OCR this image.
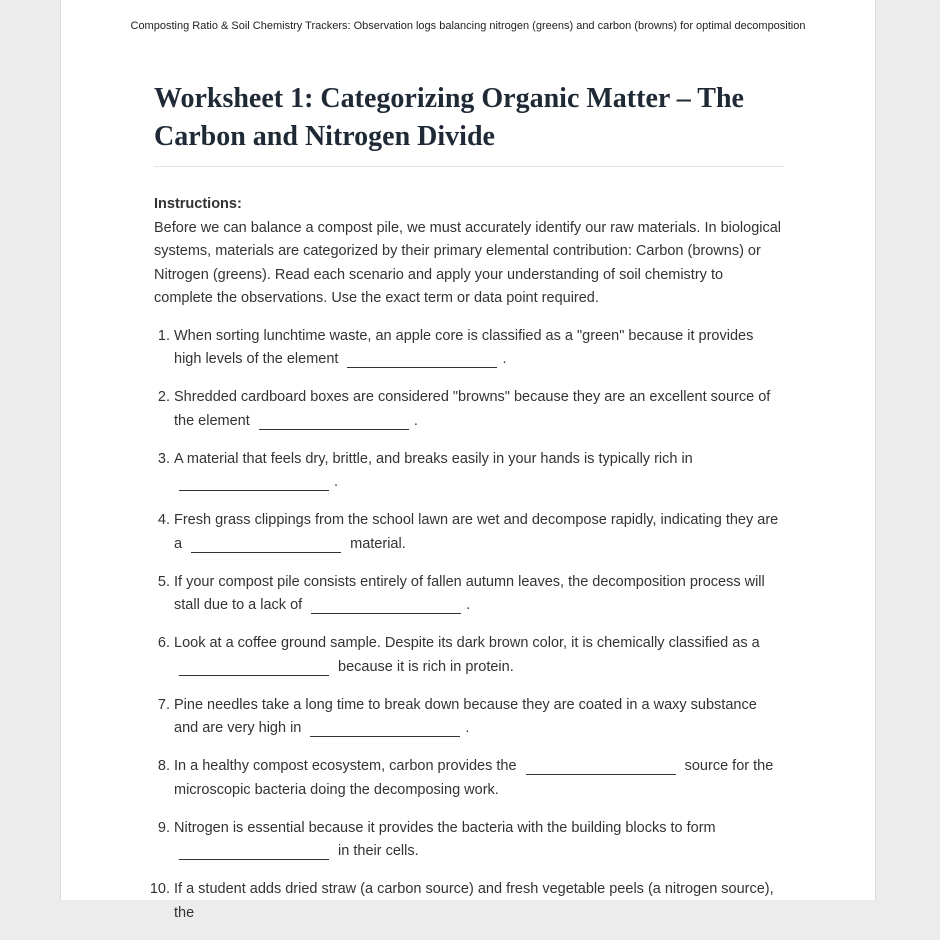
Composting Ratio & Soil Chemistry Trackers: Observation logs balancing nitrogen (greens) and carbon (browns) for optimal decomposition
Worksheet 1: Categorizing Organic Matter – The Carbon and Nitrogen Divide
Instructions:
Before we can balance a compost pile, we must accurately identify our raw materials. In biological systems, materials are categorized by their primary elemental contribution: Carbon (browns) or Nitrogen (greens). Read each scenario and apply your understanding of soil chemistry to complete the observations. Use the exact term or data point required.
1. When sorting lunchtime waste, an apple core is classified as a "green" because it provides high levels of the element	.
2. Shredded cardboard boxes are considered "browns" because they are an excellent source of the element	.
3. A material that feels dry, brittle, and breaks easily in your hands is typically rich in .
4. Fresh grass clippings from the school lawn are wet and decompose rapidly, indicating they are a	material.
5. If your compost pile consists entirely of fallen autumn leaves, the decomposition process will stall due to a lack of	.
6. Look at a coffee ground sample. Despite its dark brown color, it is chemically classified as a  because it is rich in protein.
7. Pine needles take a long time to break down because they are coated in a waxy substance and are very high in	.
8. In a healthy compost ecosystem, carbon provides the	source for the microscopic bacteria doing the decomposing work.
9. Nitrogen is essential because it provides the bacteria with the building blocks to form  in their cells.
10. If a student adds dried straw (a carbon source) and fresh vegetable peels (a nitrogen source), the
